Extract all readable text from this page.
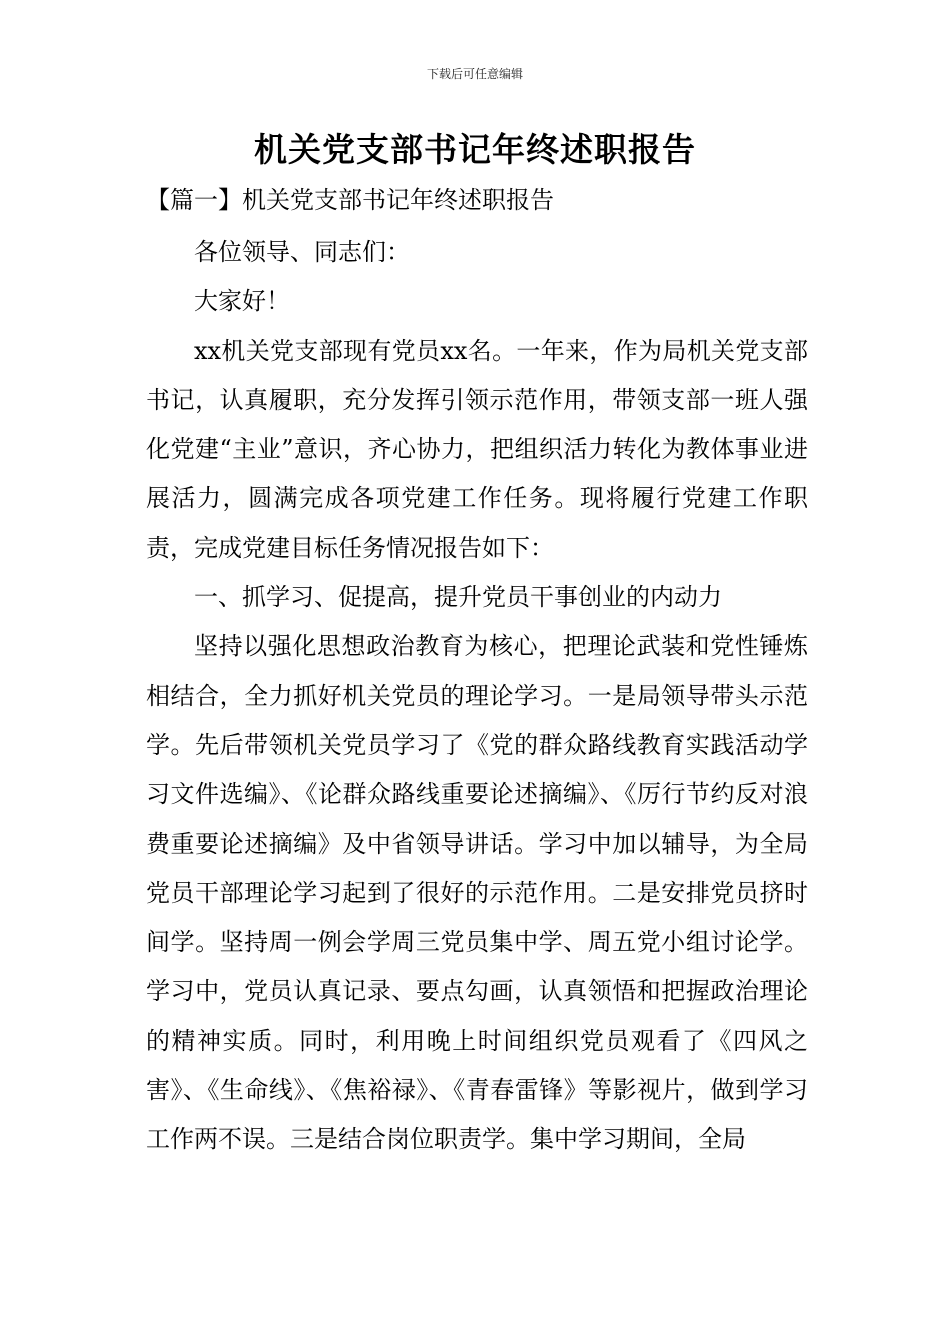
下载后可任意编辑
机关党支部书记年终述职报告
【篇一】机关党支部书记年终述职报告

各位领导、同志们：

大家好！

xx机关党支部现有党员xx名。一年来，作为局机关党支部书记，认真履职，充分发挥引领示范作用，带领支部一班人强化党建“主业”意识，齐心协力，把组织活力转化为教体事业进展活力，圆满完成各项党建工作任务。现将履行党建工作职责，完成党建目标任务情况报告如下：

一、抓学习、促提高，提升党员干事创业的内动力

坚持以强化思想政治教育为核心，把理论武装和党性锤炼相结合，全力抓好机关党员的理论学习。一是局领导带头示范学。先后带领机关党员学习了《党的群众路线教育实践活动学习文件选编》、《论群众路线重要论述摘编》、《厉行节约反对浪费重要论述摘编》及中省领导讲话。学习中加以辅导，为全局党员干部理论学习起到了很好的示范作用。二是安排党员挤时间学。坚持周一例会学周三党员集中学、周五党小组讨论学。学习中，党员认真记录、要点勾画，认真领悟和把握政治理论的精神实质。同时，利用晚上时间组织党员观看了《四风之害》、《生命线》、《焦裕禄》、《青春雷锋》等影视片，做到学习工作两不误。三是结合岗位职责学。集中学习期间，全局
